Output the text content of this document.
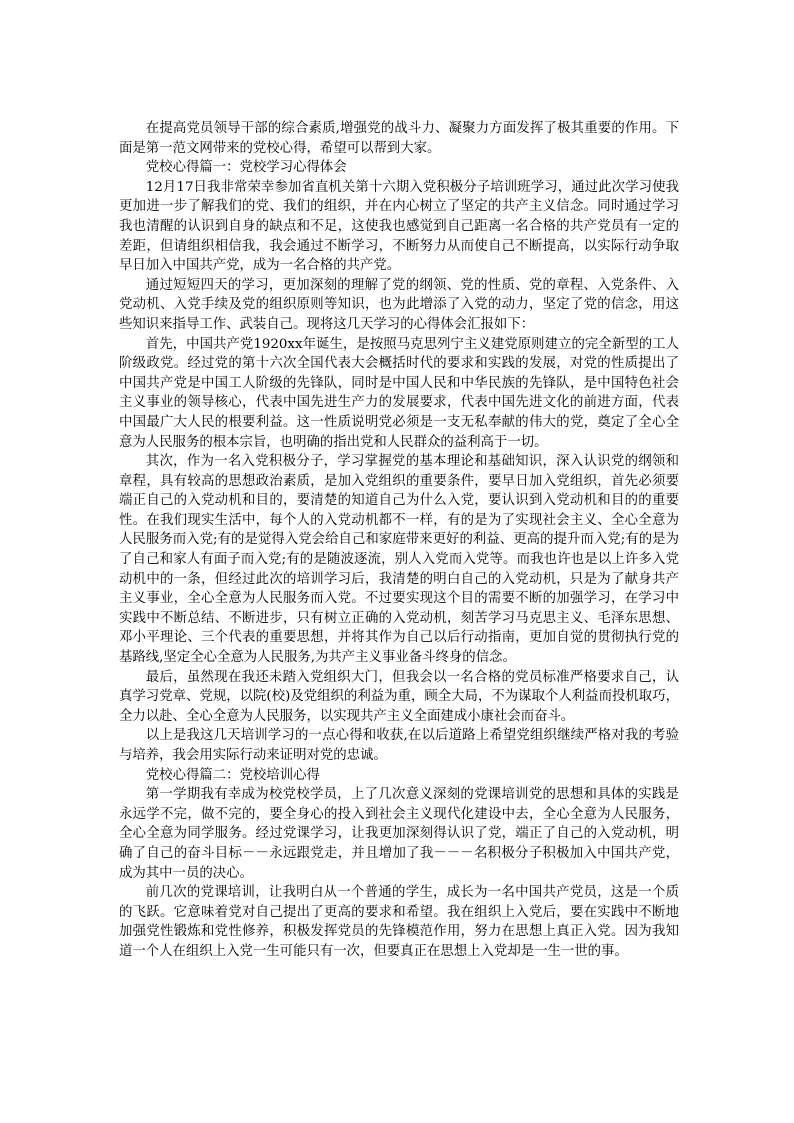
在提高党员领导干部的综合素质,增强党的战斗力、凝聚力方面发挥了极其重要的作用。下面是第一范文网带来的党校心得，希望可以帮到大家。

党校心得篇一：党校学习心得体会

12月17日我非常荣幸参加省直机关第十六期入党积极分子培训班学习，通过此次学习使我更加进一步了解我们的党、我们的组织，并在内心树立了坚定的共产主义信念。同时通过学习我也清醒的认识到自身的缺点和不足，这使我也感觉到自己距离一名合格的共产党员有一定的差距，但请组织相信我，我会通过不断学习，不断努力从而使自己不断提高，以实际行动争取早日加入中国共产党，成为一名合格的共产党。

通过短短四天的学习，更加深刻的理解了党的纲领、党的性质、党的章程、入党条件、入党动机、入党手续及党的组织原则等知识，也为此增添了入党的动力，坚定了党的信念，用这些知识来指导工作、武装自己。现将这几天学习的心得体会汇报如下：

首先，中国共产党1920xx年诞生，是按照马克思列宁主义建党原则建立的完全新型的工人阶级政党。经过党的第十六次全国代表大会概括时代的要求和实践的发展，对党的性质提出了中国共产党是中国工人阶级的先锋队，同时是中国人民和中华民族的先锋队，是中国特色社会主义事业的领导核心，代表中国先进生产力的发展要求，代表中国先进文化的前进方面，代表中国最广大人民的根要利益。这一性质说明党必须是一支无私奉献的伟大的党，奠定了全心全意为人民服务的根本宗旨，也明确的指出党和人民群众的益利高于一切。

其次，作为一名入党积极分子，学习掌握党的基本理论和基础知识，深入认识党的纲领和章程，具有较高的思想政治素质，是加入党组织的重要条件，要早日加入党组织，首先必须要端正自己的入党动机和目的，要清楚的知道自己为什么入党，要认识到入党动机和目的的重要性。在我们现实生活中，每个人的入党动机都不一样，有的是为了实现社会主义、全心全意为人民服务而入党;有的是觉得入党会给自己和家庭带来更好的利益、更高的提升而入党;有的是为了自己和家人有面子而入党;有的是随波逐流，别人入党而入党等。而我也许也是以上许多入党动机中的一条，但经过此次的培训学习后，我清楚的明白自己的入党动机，只是为了献身共产主义事业，全心全意为人民服务而入党。不过要实现这个目的需要不断的加强学习，在学习中实践中不断总结、不断进步，只有树立正确的入党动机，刻苦学习马克思主义、毛泽东思想、邓小平理论、三个代表的重要思想，并将其作为自己以后行动指南，更加自觉的贯彻执行党的基路线,坚定全心全意为人民服务,为共产主义事业备斗终身的信念。

最后，虽然现在我还未踏入党组织大门，但我会以一名合格的党员标准严格要求自己，认真学习党章、党规，以院(校)及党组织的利益为重，顾全大局，不为谋取个人利益而投机取巧，全力以赴、全心全意为人民服务，以实现共产主义全面建成小康社会而奋斗。

以上是我这几天培训学习的一点心得和收获,在以后道路上希望党组织继续严格对我的考验与培养，我会用实际行动来证明对党的忠诚。

党校心得篇二：党校培训心得

第一学期我有幸成为校党校学员，上了几次意义深刻的党课培训党的思想和具体的实践是永远学不完，做不完的，要全身心的投入到社会主义现代化建设中去，全心全意为人民服务，全心全意为同学服务。经过党课学习，让我更加深刻得认识了党，端正了自己的入党动机，明确了自己的奋斗目标－－永远跟党走，并且增加了我－－－名积极分子积极加入中国共产党，成为其中一员的决心。

前几次的党课培训，让我明白从一个普通的学生，成长为一名中国共产党员，这是一个质的飞跃。它意味着党对自己提出了更高的要求和希望。我在组织上入党后，要在实践中不断地加强党性锻炼和党性修养，积极发挥党员的先锋模范作用，努力在思想上真正入党。因为我知道一个人在组织上入党一生可能只有一次，但要真正在思想上入党却是一生一世的事。
